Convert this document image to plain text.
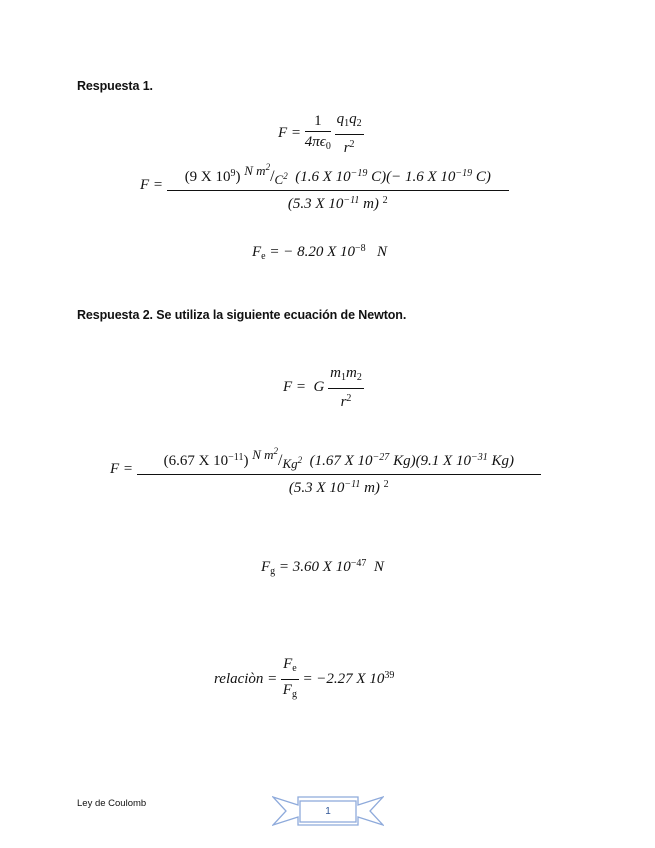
Respuesta 1.
$F = \frac{1}{4\pi\epsilon_0}$
$\frac{q_1q_2}{r^2}$
$F = \frac{(9 X 10^9) N m^2/C^2 (1.6 X 10^{-19} C)(- 1.6 X 10^{-19} C)}{(5.3 X 10^{-11} m) ^2}$
$F_e$ = − 8.20 X $10^{-8}$ N
Respuesta 2. Se utiliza la siguiente ecuación de Newton.
F = G $\frac{m_1m_2}{r^2}$
$F = \frac{(6.67 X 10^{-11}) N m^2/Kg^2 (1.67 X 10^{-27} Kg)(9.1 X 10^{-31} Kg)}{(5.3 X 10^{-11} m) ^2}$
$F_g = 3.60$ X $10^{-47}$ N
relaciòn = $\frac{F_e}{F_g} = -2.27$ X $10^{39}$
Ley de Coulomb
1
